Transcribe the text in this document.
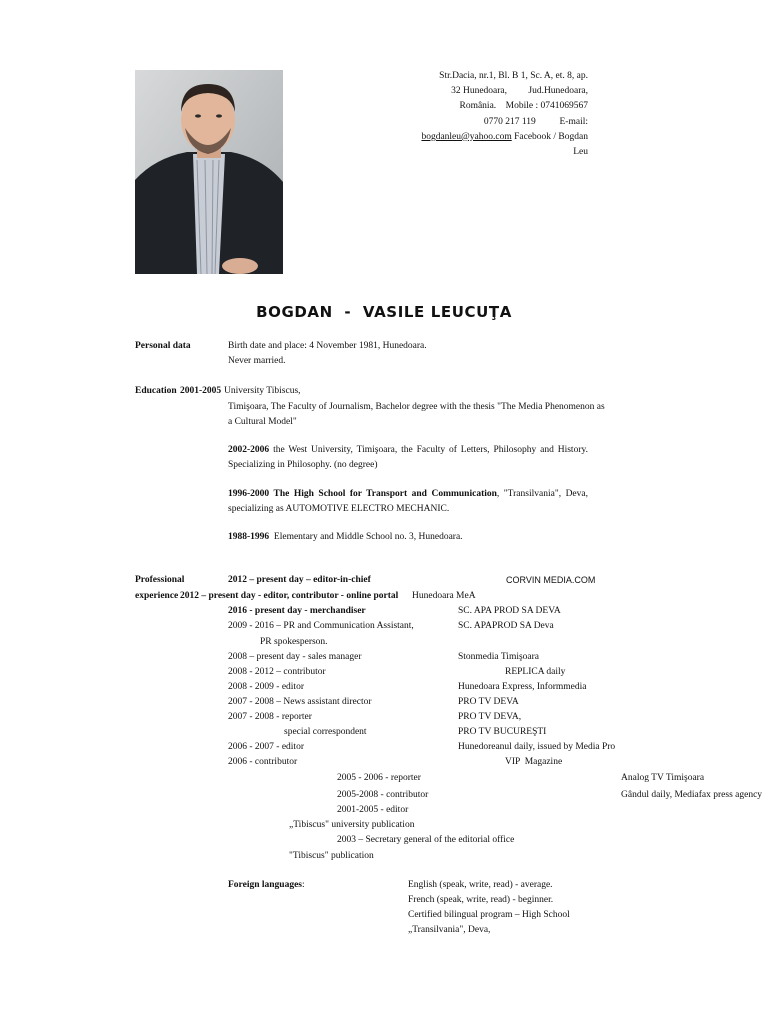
Str.Dacia, nr.1, Bl. B 1, Sc. A, et. 8, ap.
32 Hunedoara,         Jud.Hunedoara,
România.    Mobile : 0741069567
0770 217 119          E-mail:
bogdanleu@yahoo.com Facebook / Bogdan
Leu
BOGDAN  -  VASILE LEUCUŢA
Personal data	Birth date and place: 4 November 1981, Hunedoara.
Never married.
Education 2001-2005 University Tibiscus,
Timişoara, The Faculty of Journalism, Bachelor degree with the thesis "The Media Phenomenon as
a Cultural Model"
2002-2006 the West University, Timişoara, the Faculty of Letters, Philosophy and History. Specializing in Philosophy. (no degree)
1996-2000 The High School for Transport and Communication, "Transilvania", Deva, specializing as AUTOMOTIVE ELECTRO MECHANIC.
1988-1996  Elementary and Middle School no. 3, Hunedoara.
Professional
experience
2012 – present day – editor-in-chief	CORVIN MEDIA.COM
2012 – present day - editor, contributor - online portal Hunedoara MeA
2016 - present day - merchandiser	SC. APA PROD SA DEVA
2009 - 2016 – PR and Communication Assistant,	SC. APAPROD SA Deva
PR spokesperson.
2008 – present day - sales manager	Stonmedia Timişoara
2008 - 2012 – contributor	REPLICA daily
2008 - 2009 - editor	Hunedoara Express, Informmedia
2007 - 2008 – News assistant director	PRO TV DEVA
2007 - 2008 - reporter	PRO TV DEVA,
special correspondent	PRO TV BUCUREŞTI
2006 - 2007 - editor	Hunedoreanul daily, issued by Media Pro
2006 - contributor	VIP  Magazine
2005 - 2006 - reporter	Analog TV Timişoara
2005-2008 - contributor	Gândul daily, Mediafax press agency
2001-2005 - editor
„Tibiscus" university publication
2003 – Secretary general of the editorial office
"Tibiscus" publication
Foreign languages:	English (speak, write, read) - average.
French (speak, write, read) - beginner.
Certified bilingual program – High School
„Transilvania", Deva,
